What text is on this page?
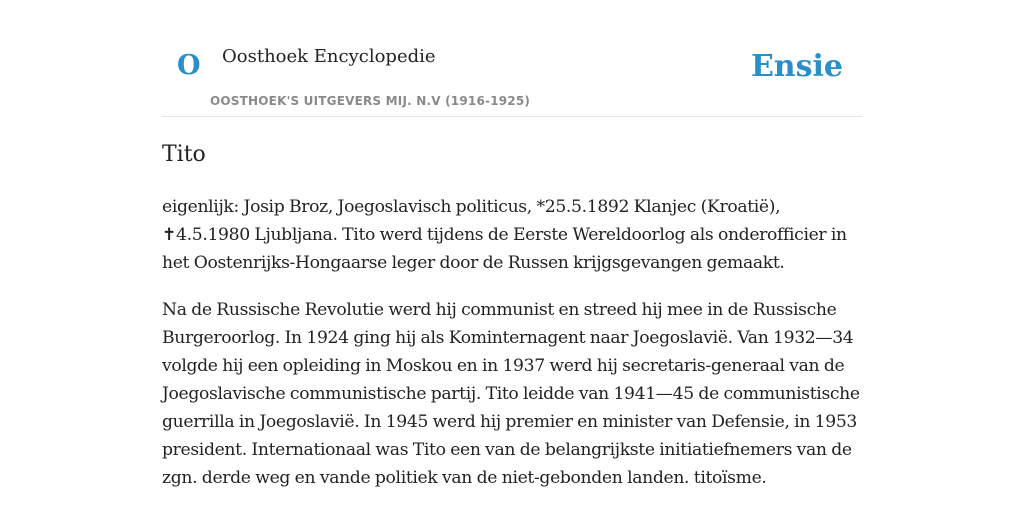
O Oosthoek Encyclopedie
OOSTHOEK'S UITGEVERS MIJ. N.V (1916-1925)
Ensie
Tito

eigenlijk: Josip Broz, Joegoslavisch politicus, *25.5.1892 Klanjec (Kroatië), ✝4.5.1980 Ljubljana. Tito werd tijdens de Eerste Wereldoorlog als onderofficier in het Oostenrijks-Hongaarse leger door de Russen krijgsgevangen gemaakt.

Na de Russische Revolutie werd hij communist en streed hij mee in de Russische Burgeroorlog. In 1924 ging hij als Kominternagent naar Joegoslavië. Van 1932—34 volgde hij een opleiding in Moskou en in 1937 werd hij secretaris-generaal van de Joegoslavische communistische partij. Tito leidde van 1941—45 de communistische guerrilla in Joegoslavië. In 1945 werd hij premier en minister van Defensie, in 1953 president. Internationaal was Tito een van de belangrijkste initiatiefnemers van de zgn. derde weg en vande politiek van de niet-gebonden landen. titoïsme.
